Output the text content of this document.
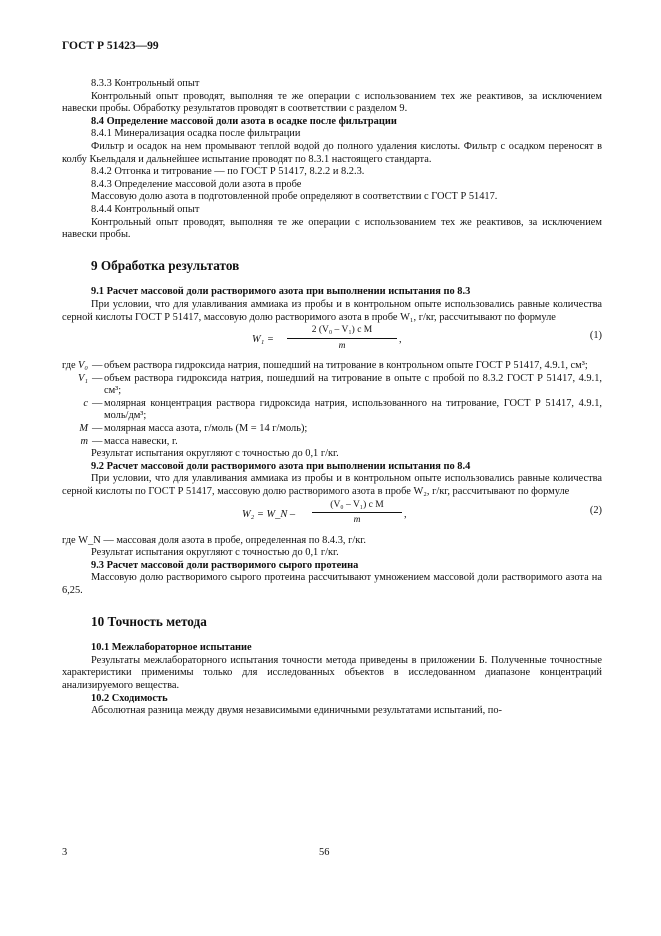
ГОСТ Р 51423—99

8.3.3 Контрольный опыт

Контрольный опыт проводят, выполняя те же операции с использованием тех же реактивов, за исключением навески пробы. Обработку результатов проводят в соответствии с разделом 9.

8.4 Определение массовой доли азота в осадке после фильтрации

8.4.1 Минерализация осадка после фильтрации

Фильтр и осадок на нем промывают теплой водой до полного удаления кислоты. Фильтр с осадком переносят в колбу Кьельдаля и дальнейшее испытание проводят по 8.3.1 настоящего стандарта.

8.4.2 Отгонка и титрование — по ГОСТ Р 51417, 8.2.2 и 8.2.3.

8.4.3 Определение массовой доли азота в пробе

Массовую долю азота в подготовленной пробе определяют в соответствии с ГОСТ Р 51417.

8.4.4 Контрольный опыт

Контрольный опыт проводят, выполняя те же операции с использованием тех же реактивов, за исключением навески пробы.

9 Обработка результатов

9.1 Расчет массовой доли растворимого азота при выполнении испытания по 8.3

При условии, что для улавливания аммиака из пробы и в контрольном опыте использовались равные количества серной кислоты ГОСТ Р 51417, массовую долю растворимого азота в пробе W₁, г/кг, рассчитывают по формуле

$W_1 = \frac{\text{2 (V₀ – V₁) c M}}{m}$ ,	(1)
где V₀ — объем раствора гидроксида натрия, пошедший на титрование в контрольном опыте ГОСТ Р 51417, 4.9.1, см³;
V₁ — объем раствора гидроксида натрия, пошедший на титрование в опыте с пробой по 8.3.2 ГОСТ Р 51417, 4.9.1, см³;
c — молярная концентрация раствора гидроксида натрия, использованного на титрование, ГОСТ Р 51417, 4.9.1, моль/дм³;
M — молярная масса азота, г/моль (M = 14 г/моль);
m — масса навески, г.

Результат испытания округляют с точностью до 0,1 г/кг.

9.2 Расчет массовой доли растворимого азота при выполнении испытания по 8.4

При условии, что для улавливания аммиака из пробы и в контрольном опыте использовались равные количества серной кислоты по ГОСТ Р 51417, массовую долю растворимого азота в пробе W₂, г/кг, рассчитывают по формуле

W₂ = W_N – $\frac{\text{(V₀ – V₁) c M}}{m}$ ,	(2)

где W_N — массовая доля азота в пробе, определенная по 8.4.3, г/кг.

Результат испытания округляют с точностью до 0,1 г/кг.

9.3 Расчет массовой доли растворимого сырого протеина

Массовую долю растворимого сырого протеина рассчитывают умножением массовой доли растворимого азота на 6,25.

10 Точность метода

10.1 Межлабораторное испытание

Результаты межлабораторного испытания точности метода приведены в приложении Б. Полученные точностные характеристики применимы только для исследованных объектов в исследованном диапазоне концентраций анализируемого вещества.

10.2 Сходимость

Абсолютная разница между двумя независимыми единичными результатами испытаний, по-

3	56
